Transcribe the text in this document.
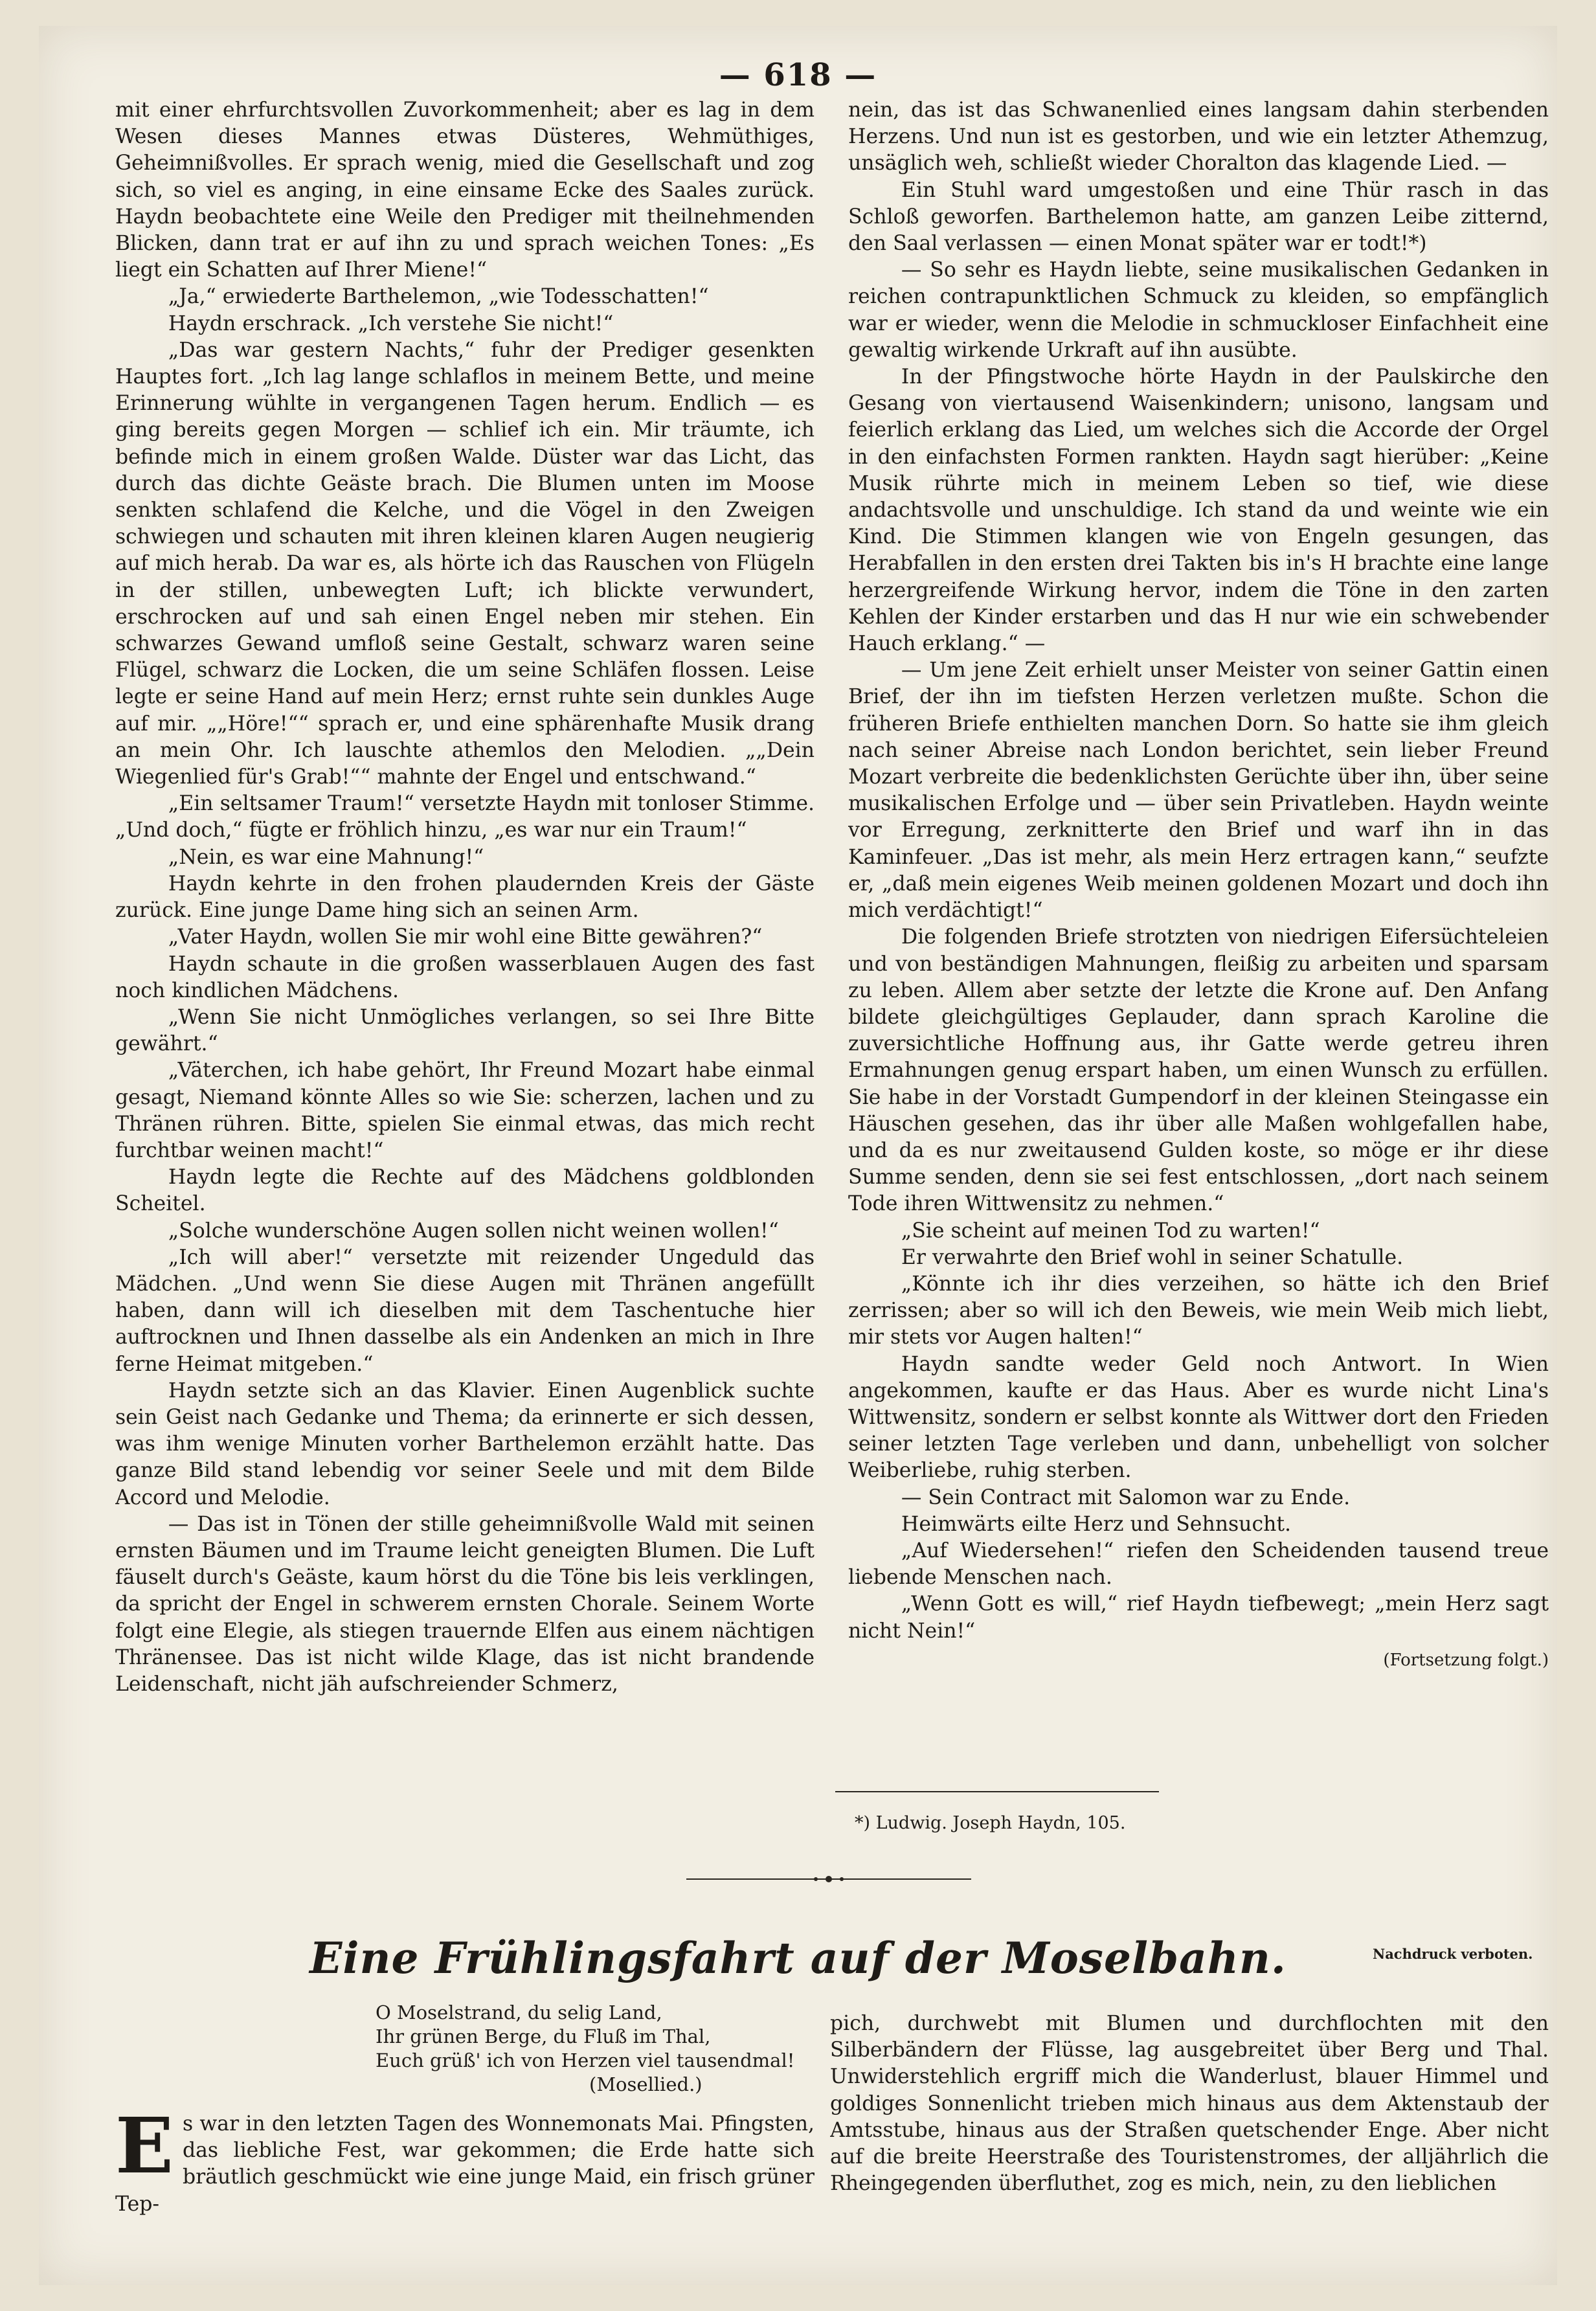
— 618 —

mit einer ehrfurchtsvollen Zuvorkommenheit; aber es lag in dem Wesen dieses Mannes etwas Düsteres, Wehmüthiges, Geheimnißvolles. Er sprach wenig, mied die Gesellschaft und zog sich, so viel es anging, in eine einsame Ecke des Saales zurück. Haydn beobachtete eine Weile den Prediger mit theilnehmenden Blicken, dann trat er auf ihn zu und sprach weichen Tones: „Es liegt ein Schatten auf Ihrer Miene!“

„Ja,“ erwiederte Barthelemon, „wie Todesschatten!“

Haydn erschrack. „Ich verstehe Sie nicht!“

„Das war gestern Nachts,“ fuhr der Prediger gesenkten Hauptes fort. „Ich lag lange schlaflos in meinem Bette, und meine Erinnerung wühlte in vergangenen Tagen herum. Endlich — es ging bereits gegen Morgen — schlief ich ein. Mir träumte, ich befinde mich in einem großen Walde. Düster war das Licht, das durch das dichte Geäste brach. Die Blumen unten im Moose senkten schlafend die Kelche, und die Vögel in den Zweigen schwiegen und schauten mit ihren kleinen klaren Augen neugierig auf mich herab. Da war es, als hörte ich das Rauschen von Flügeln in der stillen, unbewegten Luft; ich blickte verwundert, erschrocken auf und sah einen Engel neben mir stehen. Ein schwarzes Gewand umfloß seine Gestalt, schwarz waren seine Flügel, schwarz die Locken, die um seine Schläfen flossen. Leise legte er seine Hand auf mein Herz; ernst ruhte sein dunkles Auge auf mir. „„Höre!““ sprach er, und eine sphärenhafte Musik drang an mein Ohr. Ich lauschte athemlos den Melodien. „„Dein Wiegenlied für's Grab!““ mahnte der Engel und entschwand.“

„Ein seltsamer Traum!“ versetzte Haydn mit tonloser Stimme. „Und doch,“ fügte er fröhlich hinzu, „es war nur ein Traum!“

„Nein, es war eine Mahnung!“

Haydn kehrte in den frohen plaudernden Kreis der Gäste zurück. Eine junge Dame hing sich an seinen Arm.

„Vater Haydn, wollen Sie mir wohl eine Bitte gewähren?“

Haydn schaute in die großen wasserblauen Augen des fast noch kindlichen Mädchens.

„Wenn Sie nicht Unmögliches verlangen, so sei Ihre Bitte gewährt.“

„Väterchen, ich habe gehört, Ihr Freund Mozart habe einmal gesagt, Niemand könnte Alles so wie Sie: scherzen, lachen und zu Thränen rühren. Bitte, spielen Sie einmal etwas, das mich recht furchtbar weinen macht!“

Haydn legte die Rechte auf des Mädchens goldblonden Scheitel.

„Solche wunderschöne Augen sollen nicht weinen wollen!“

„Ich will aber!“ versetzte mit reizender Ungeduld das Mädchen. „Und wenn Sie diese Augen mit Thränen angefüllt haben, dann will ich dieselben mit dem Taschentuche hier auftrocknen und Ihnen dasselbe als ein Andenken an mich in Ihre ferne Heimat mitgeben.“

Haydn setzte sich an das Klavier. Einen Augenblick suchte sein Geist nach Gedanke und Thema; da erinnerte er sich dessen, was ihm wenige Minuten vorher Barthelemon erzählt hatte. Das ganze Bild stand lebendig vor seiner Seele und mit dem Bilde Accord und Melodie.

— Das ist in Tönen der stille geheimnißvolle Wald mit seinen ernsten Bäumen und im Traume leicht geneigten Blumen. Die Luft fäuselt durch's Geäste, kaum hörst du die Töne bis leis verklingen, da spricht der Engel in schwerem ernsten Chorale. Seinem Worte folgt eine Elegie, als stiegen trauernde Elfen aus einem nächtigen Thränensee. Das ist nicht wilde Klage, das ist nicht brandende Leidenschaft, nicht jäh aufschreiender Schmerz,

nein, das ist das Schwanenlied eines langsam dahin sterbenden Herzens. Und nun ist es gestorben, und wie ein letzter Athemzug, unsäglich weh, schließt wieder Choralton das klagende Lied. —

Ein Stuhl ward umgestoßen und eine Thür rasch in das Schloß geworfen. Barthelemon hatte, am ganzen Leibe zitternd, den Saal verlassen — einen Monat später war er todt!*)

— So sehr es Haydn liebte, seine musikalischen Gedanken in reichen contrapunktlichen Schmuck zu kleiden, so empfänglich war er wieder, wenn die Melodie in schmuckloser Einfachheit eine gewaltig wirkende Urkraft auf ihn ausübte.

In der Pfingstwoche hörte Haydn in der Paulskirche den Gesang von viertausend Waisenkindern; unisono, langsam und feierlich erklang das Lied, um welches sich die Accorde der Orgel in den einfachsten Formen rankten. Haydn sagt hierüber: „Keine Musik rührte mich in meinem Leben so tief, wie diese andachtsvolle und unschuldige. Ich stand da und weinte wie ein Kind. Die Stimmen klangen wie von Engeln gesungen, das Herabfallen in den ersten drei Takten bis in's H brachte eine lange herzergreifende Wirkung hervor, indem die Töne in den zarten Kehlen der Kinder erstarben und das H nur wie ein schwebender Hauch erklang.“ —

— Um jene Zeit erhielt unser Meister von seiner Gattin einen Brief, der ihn im tiefsten Herzen verletzen mußte. Schon die früheren Briefe enthielten manchen Dorn. So hatte sie ihm gleich nach seiner Abreise nach London berichtet, sein lieber Freund Mozart verbreite die bedenklichsten Gerüchte über ihn, über seine musikalischen Erfolge und — über sein Privatleben. Haydn weinte vor Erregung, zerknitterte den Brief und warf ihn in das Kaminfeuer. „Das ist mehr, als mein Herz ertragen kann,“ seufzte er, „daß mein eigenes Weib meinen goldenen Mozart und doch ihn mich verdächtigt!“

Die folgenden Briefe strotzten von niedrigen Eifersüchteleien und von beständigen Mahnungen, fleißig zu arbeiten und sparsam zu leben. Allem aber setzte der letzte die Krone auf. Den Anfang bildete gleichgültiges Geplauder, dann sprach Karoline die zuversichtliche Hoffnung aus, ihr Gatte werde getreu ihren Ermahnungen genug erspart haben, um einen Wunsch zu erfüllen. Sie habe in der Vorstadt Gumpendorf in der kleinen Steingasse ein Häuschen gesehen, das ihr über alle Maßen wohlgefallen habe, und da es nur zweitausend Gulden koste, so möge er ihr diese Summe senden, denn sie sei fest entschlossen, „dort nach seinem Tode ihren Wittwensitz zu nehmen.“

„Sie scheint auf meinen Tod zu warten!“

Er verwahrte den Brief wohl in seiner Schatulle.

„Könnte ich ihr dies verzeihen, so hätte ich den Brief zerrissen; aber so will ich den Beweis, wie mein Weib mich liebt, mir stets vor Augen halten!“

Haydn sandte weder Geld noch Antwort. In Wien angekommen, kaufte er das Haus. Aber es wurde nicht Lina's Wittwensitz, sondern er selbst konnte als Wittwer dort den Frieden seiner letzten Tage verleben und dann, unbehelligt von solcher Weiberliebe, ruhig sterben.

— Sein Contract mit Salomon war zu Ende.

Heimwärts eilte Herz und Sehnsucht.

„Auf Wiedersehen!“ riefen den Scheidenden tausend treue liebende Menschen nach.

„Wenn Gott es will,“ rief Haydn tiefbewegt; „mein Herz sagt nicht Nein!“

(Fortsetzung folgt.)
*) Ludwig. Joseph Haydn, 105.
Eine Frühlingsfahrt auf der Moselbahn.	Nachdruck verboten.
O Moselstrand, du selig Land,
Ihr grünen Berge, du Fluß im Thal,
Euch grüß' ich von Herzen viel tausendmal!
(Mosellied.)

E s war in den letzten Tagen des Wonnemonats Mai. Pfingsten, das liebliche Fest, war gekommen; die Erde hatte sich bräutlich geschmückt wie eine junge Maid, ein frisch grüner Tep-

pich, durchwebt mit Blumen und durchflochten mit den Silberbändern der Flüsse, lag ausgebreitet über Berg und Thal. Unwiderstehlich ergriff mich die Wanderlust, blauer Himmel und goldiges Sonnenlicht trieben mich hinaus aus dem Aktenstaub der Amtsstube, hinaus aus der Straßen quetschender Enge. Aber nicht auf die breite Heerstraße des Touristenstromes, der alljährlich die Rheingegenden überfluthet, zog es mich, nein, zu den lieblichen
